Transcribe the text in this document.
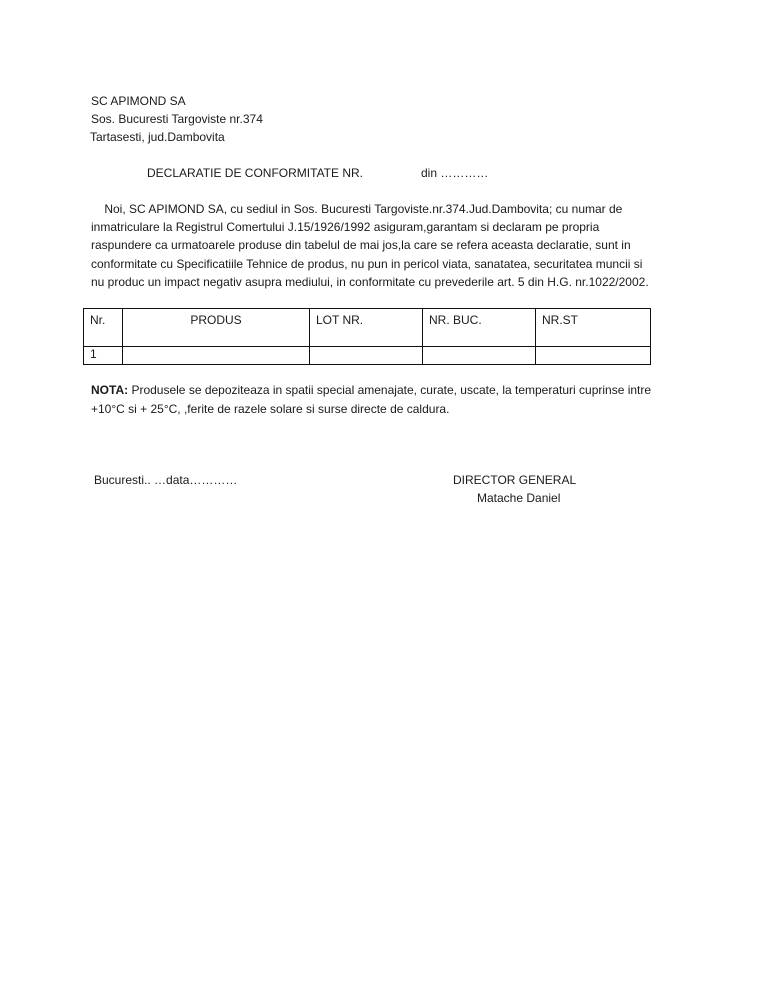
SC APIMOND SA
Sos. Bucuresti Targoviste nr.374
Tartasesti, jud.Dambovita
DECLARATIE DE CONFORMITATE NR.	din …………
Noi, SC APIMOND SA, cu sediul in Sos. Bucuresti Targoviste.nr.374.Jud.Dambovita; cu numar de
inmatriculare la Registrul Comertului J.15/1926/1992 asiguram,garantam si declaram pe propria
raspundere ca urmatoarele produse din tabelul de mai jos,la care se refera aceasta declaratie, sunt in
conformitate cu Specificatiile Tehnice de produs, nu pun in pericol viata, sanatatea, securitatea muncii si
nu produc un impact negativ asupra mediului, in conformitate cu prevederile art. 5 din H.G. nr.1022/2002.
Nr.	PRODUS	LOT NR.	NR. BUC.	NR.ST
1				
NOTA: Produsele se depoziteaza in spatii special amenajate, curate, uscate, la temperaturi cuprinse intre
+10°C si + 25°C, ,ferite de razele solare si surse directe de caldura.
Bucuresti.. …data…………	DIRECTOR GENERAL
Matache Daniel
